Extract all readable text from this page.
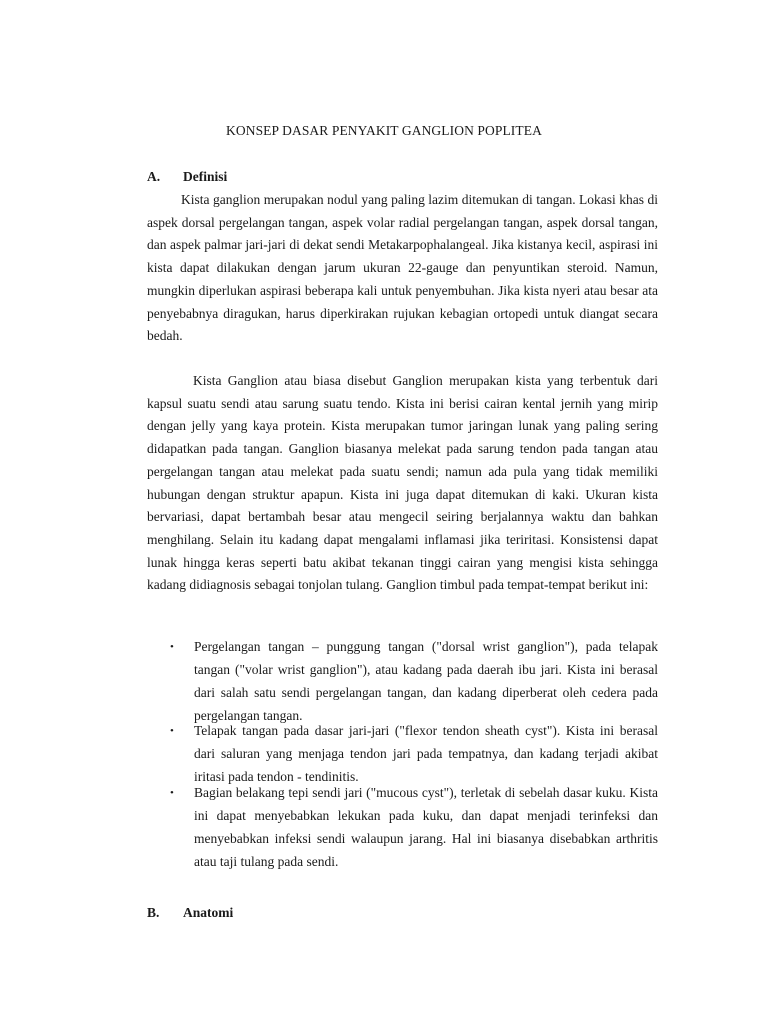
KONSEP DASAR PENYAKIT GANGLION POPLITEA
A.	Definisi

Kista ganglion merupakan nodul yang paling lazim ditemukan di tangan. Lokasi khas di aspek dorsal pergelangan tangan, aspek volar radial pergelangan tangan, aspek dorsal tangan, dan aspek palmar jari-jari di dekat sendi Metakarpophalangeal. Jika kistanya kecil, aspirasi ini kista dapat dilakukan dengan jarum ukuran 22-gauge dan penyuntikan steroid. Namun, mungkin diperlukan aspirasi beberapa kali untuk penyembuhan. Jika kista nyeri atau besar ata penyebabnya diragukan, harus diperkirakan rujukan kebagian ortopedi untuk diangat secara bedah.

Kista Ganglion atau biasa disebut Ganglion merupakan kista yang terbentuk dari kapsul suatu sendi atau sarung suatu tendo. Kista ini berisi cairan kental jernih yang mirip dengan jelly yang kaya protein. Kista merupakan tumor jaringan lunak yang paling sering didapatkan pada tangan. Ganglion biasanya melekat pada sarung tendon pada tangan atau pergelangan tangan atau melekat pada suatu sendi; namun ada pula yang tidak memiliki hubungan dengan struktur apapun. Kista ini juga dapat ditemukan di kaki. Ukuran kista bervariasi, dapat bertambah besar atau mengecil seiring berjalannya waktu dan bahkan menghilang. Selain itu kadang dapat mengalami inflamasi jika teriritasi. Konsistensi dapat lunak hingga keras seperti batu akibat tekanan tinggi cairan yang mengisi kista sehingga kadang didiagnosis sebagai tonjolan tulang. Ganglion timbul pada tempat-tempat berikut ini:

•	Pergelangan tangan – punggung tangan ("dorsal wrist ganglion"), pada telapak tangan ("volar wrist ganglion"), atau kadang pada daerah ibu jari. Kista ini berasal dari salah satu sendi pergelangan tangan, dan kadang diperberat oleh cedera pada pergelangan tangan.
•	Telapak tangan pada dasar jari-jari ("flexor tendon sheath cyst"). Kista ini berasal dari saluran yang menjaga tendon jari pada tempatnya, dan kadang terjadi akibat iritasi pada tendon - tendinitis.
•	Bagian belakang tepi sendi jari ("mucous cyst"), terletak di sebelah dasar kuku. Kista ini dapat menyebabkan lekukan pada kuku, dan dapat menjadi terinfeksi dan menyebabkan infeksi sendi walaupun jarang. Hal ini biasanya disebabkan arthritis atau taji tulang pada sendi.
B.	Anatomi
